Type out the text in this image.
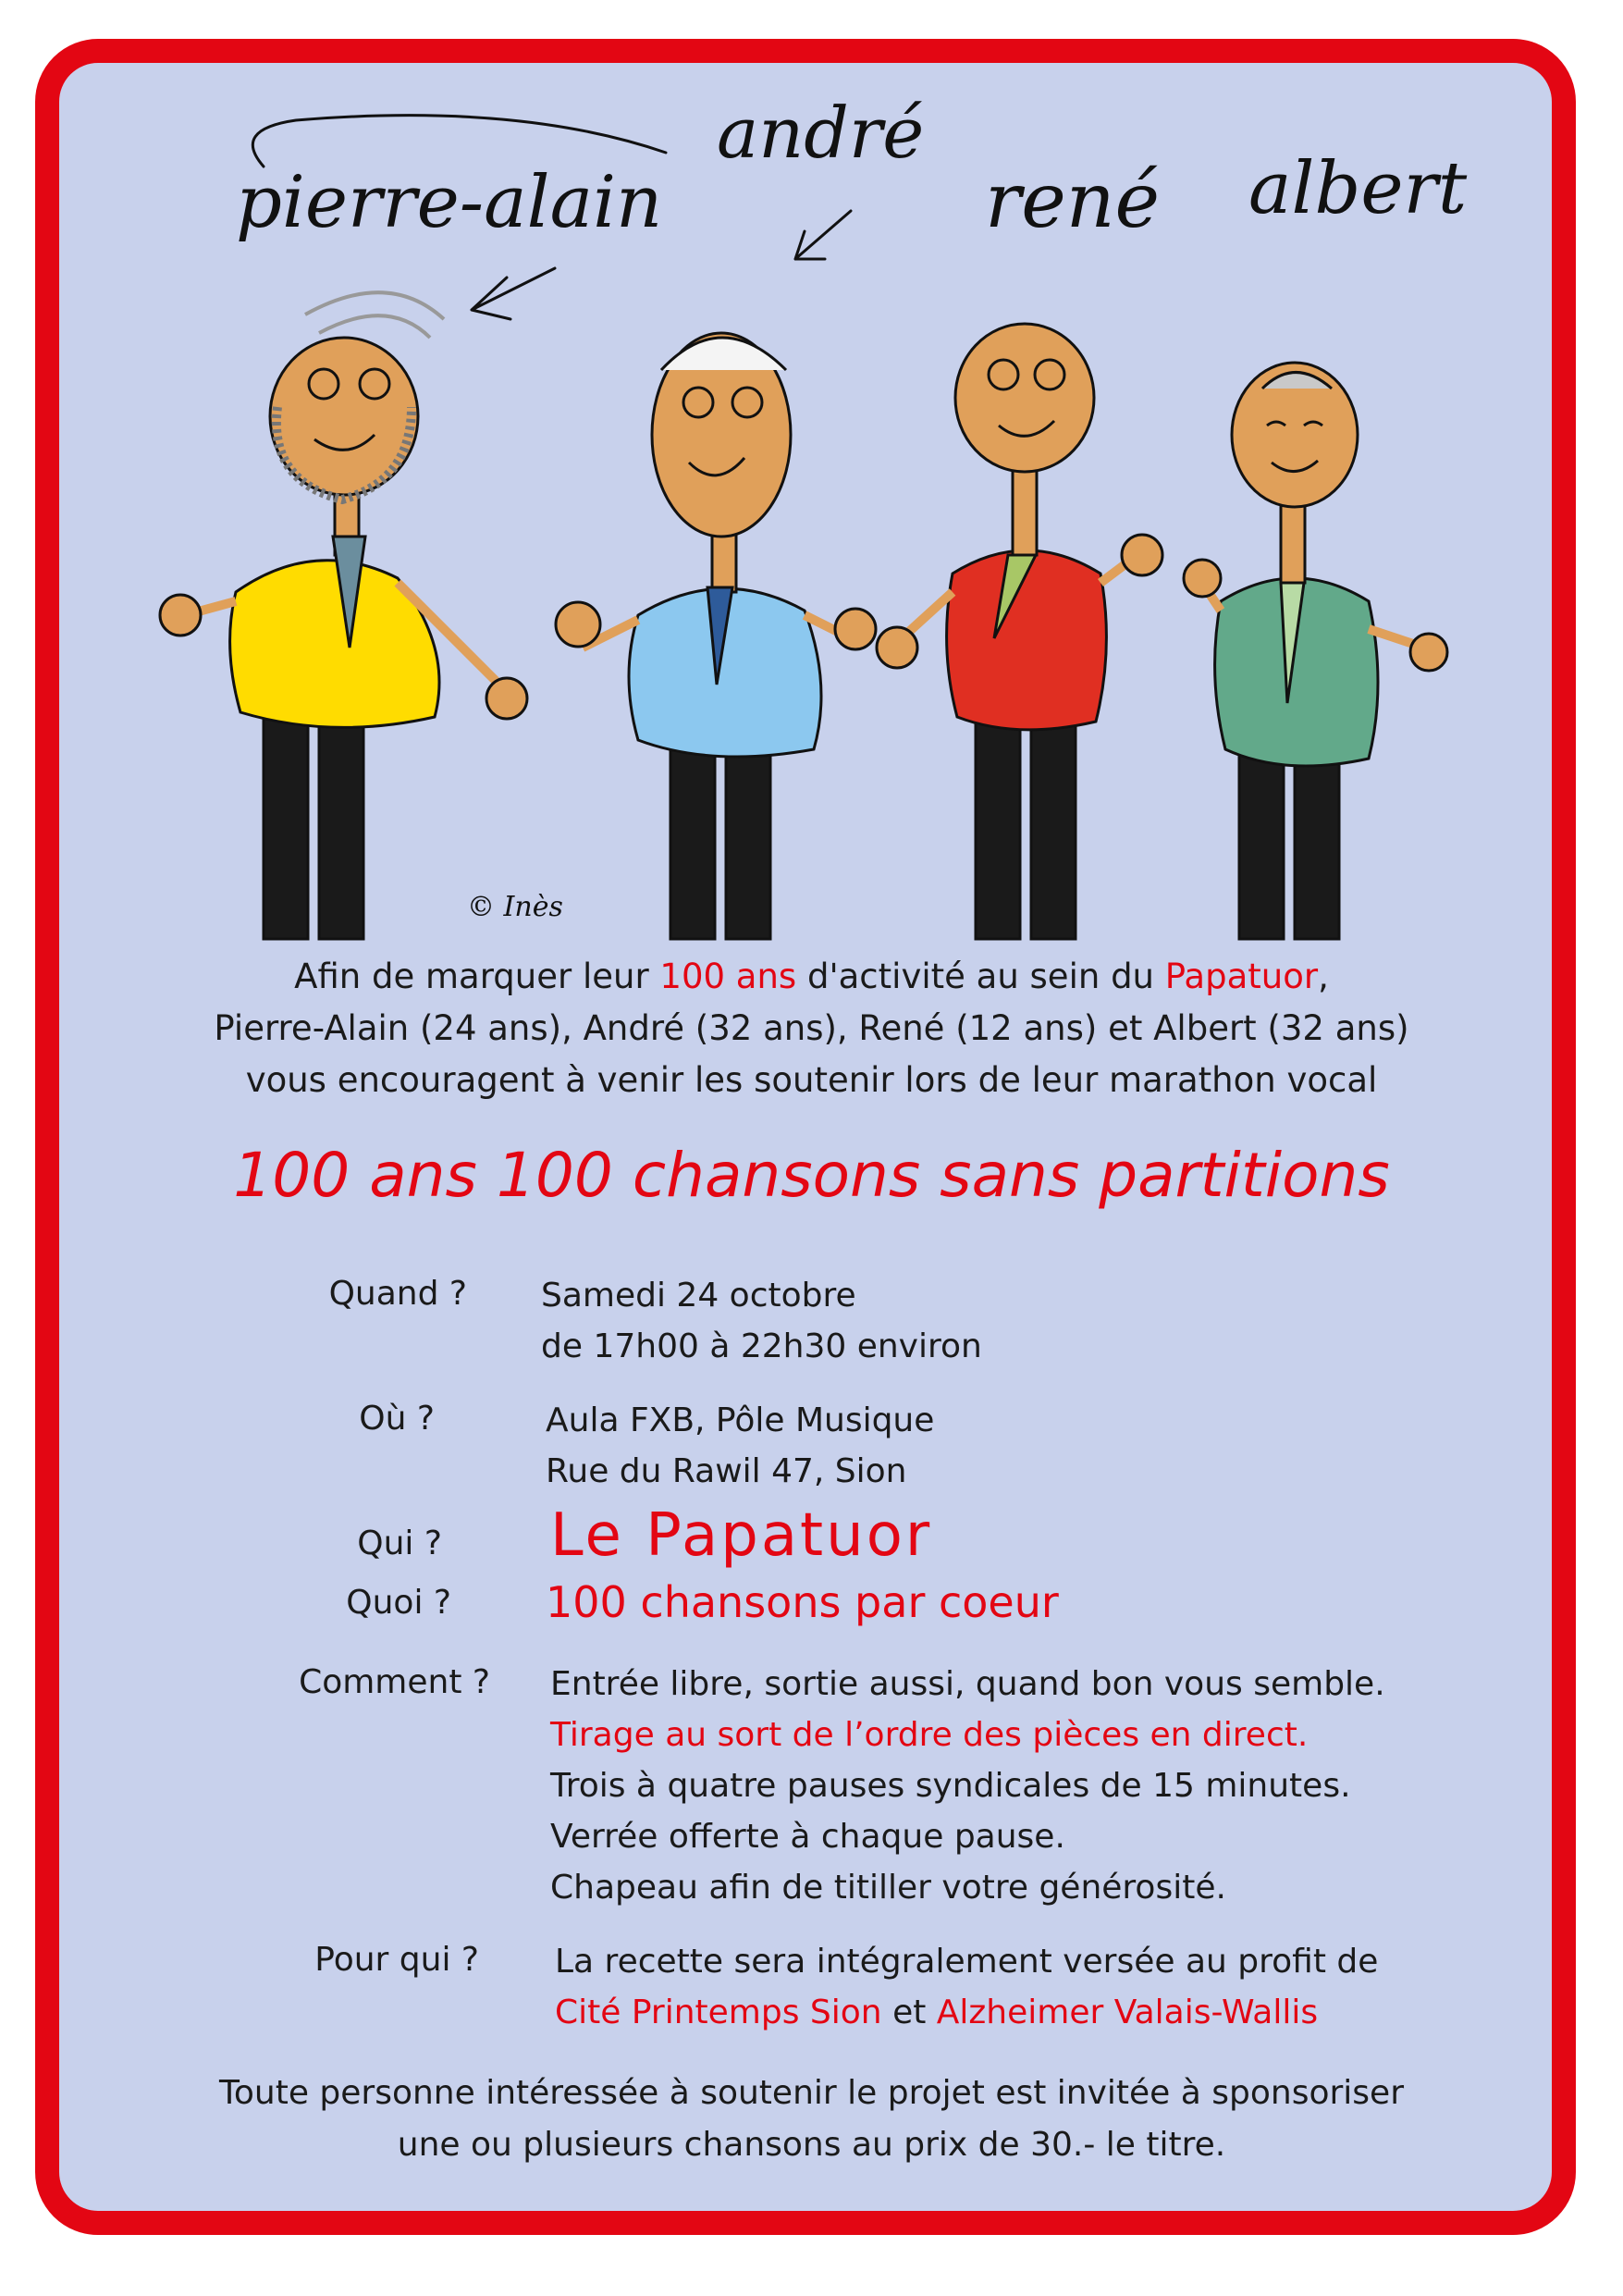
pierre-alain
andré
rené albert
© Inès
Afin de marquer leur 100 ans d'activité au sein du Papatuor,
Pierre-Alain (24 ans), André (32 ans), René (12 ans) et Albert (32 ans)
vous encouragent à venir les soutenir lors de leur marathon vocal
100 ans 100 chansons sans partitions
Quand ? Samedi 24 octobre
de 17h00 à 22h30 environ
Où ?	Aula FXB, Pôle Musique
Rue du Rawil 47, Sion
Qui ? Le Papatuor
Quoi ? 100 chansons par coeur
Comment ? Entrée libre, sortie aussi, quand bon vous semble.
Tirage au sort de l’ordre des pièces en direct.
Trois à quatre pauses syndicales de 15 minutes.
Verrée offerte à chaque pause.
Chapeau afin de titiller votre générosité.
Pour qui ? La recette sera intégralement versée au profit de
Cité Printemps Sion et Alzheimer Valais-Wallis
Toute personne intéressée à soutenir le projet est invitée à sponsoriser
une ou plusieurs chansons au prix de 30.- le titre.
